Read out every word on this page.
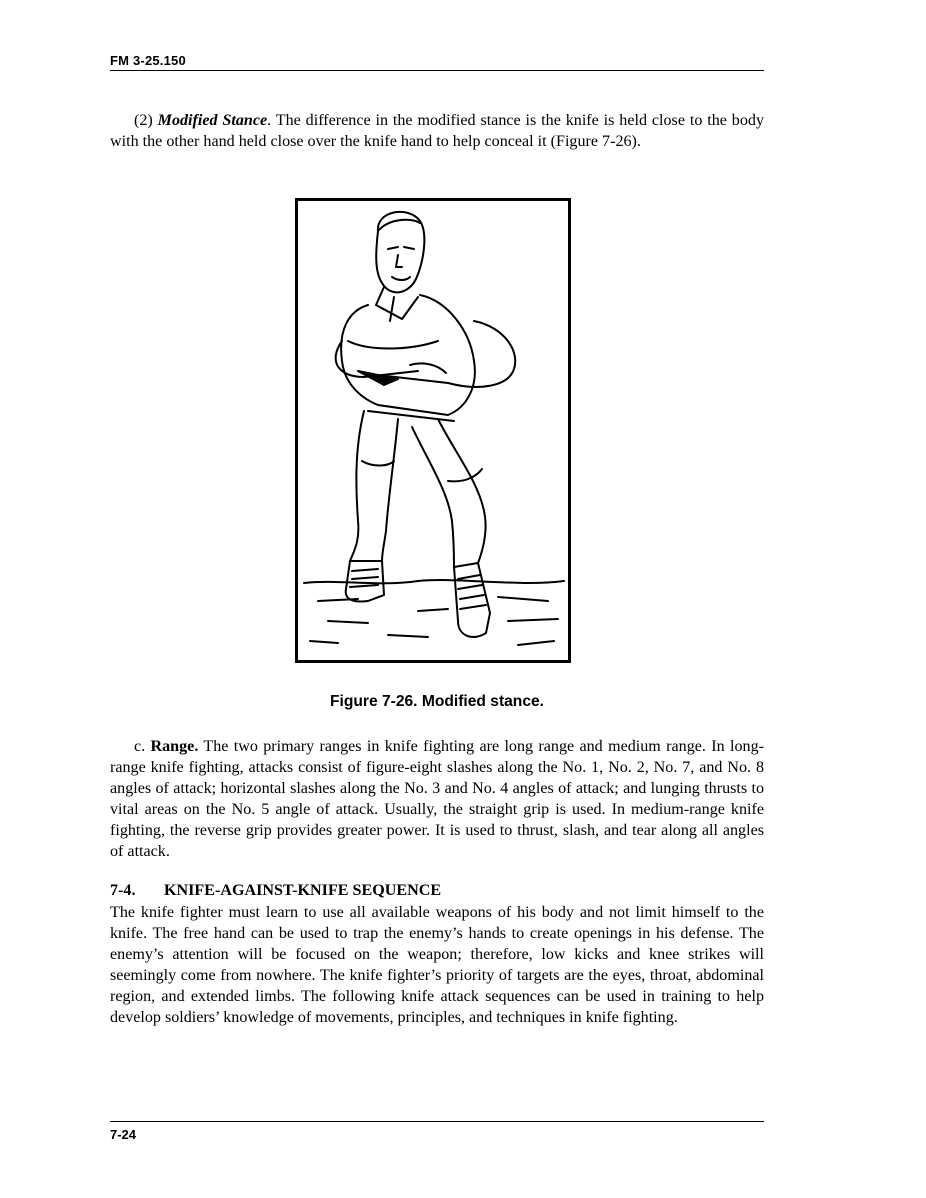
FM 3-25.150

(2) Modified Stance. The difference in the modified stance is the knife is held close to the body with the other hand held close over the knife hand to help conceal it (Figure 7-26).

Figure 7-26. Modified stance.

c. Range. The two primary ranges in knife fighting are long range and medium range. In long-range knife fighting, attacks consist of figure-eight slashes along the No. 1, No. 2, No. 7, and No. 8 angles of attack; horizontal slashes along the No. 3 and No. 4 angles of attack; and lunging thrusts to vital areas on the No. 5 angle of attack. Usually, the straight grip is used. In medium-range knife fighting, the reverse grip provides greater power. It is used to thrust, slash, and tear along all angles of attack.

7-4. KNIFE-AGAINST-KNIFE SEQUENCE

The knife fighter must learn to use all available weapons of his body and not limit himself to the knife. The free hand can be used to trap the enemy’s hands to create openings in his defense. The enemy’s attention will be focused on the weapon; therefore, low kicks and knee strikes will seemingly come from nowhere. The knife fighter’s priority of targets are the eyes, throat, abdominal region, and extended limbs. The following knife attack sequences can be used in training to help develop soldiers’ knowledge of movements, principles, and techniques in knife fighting.

7-24
